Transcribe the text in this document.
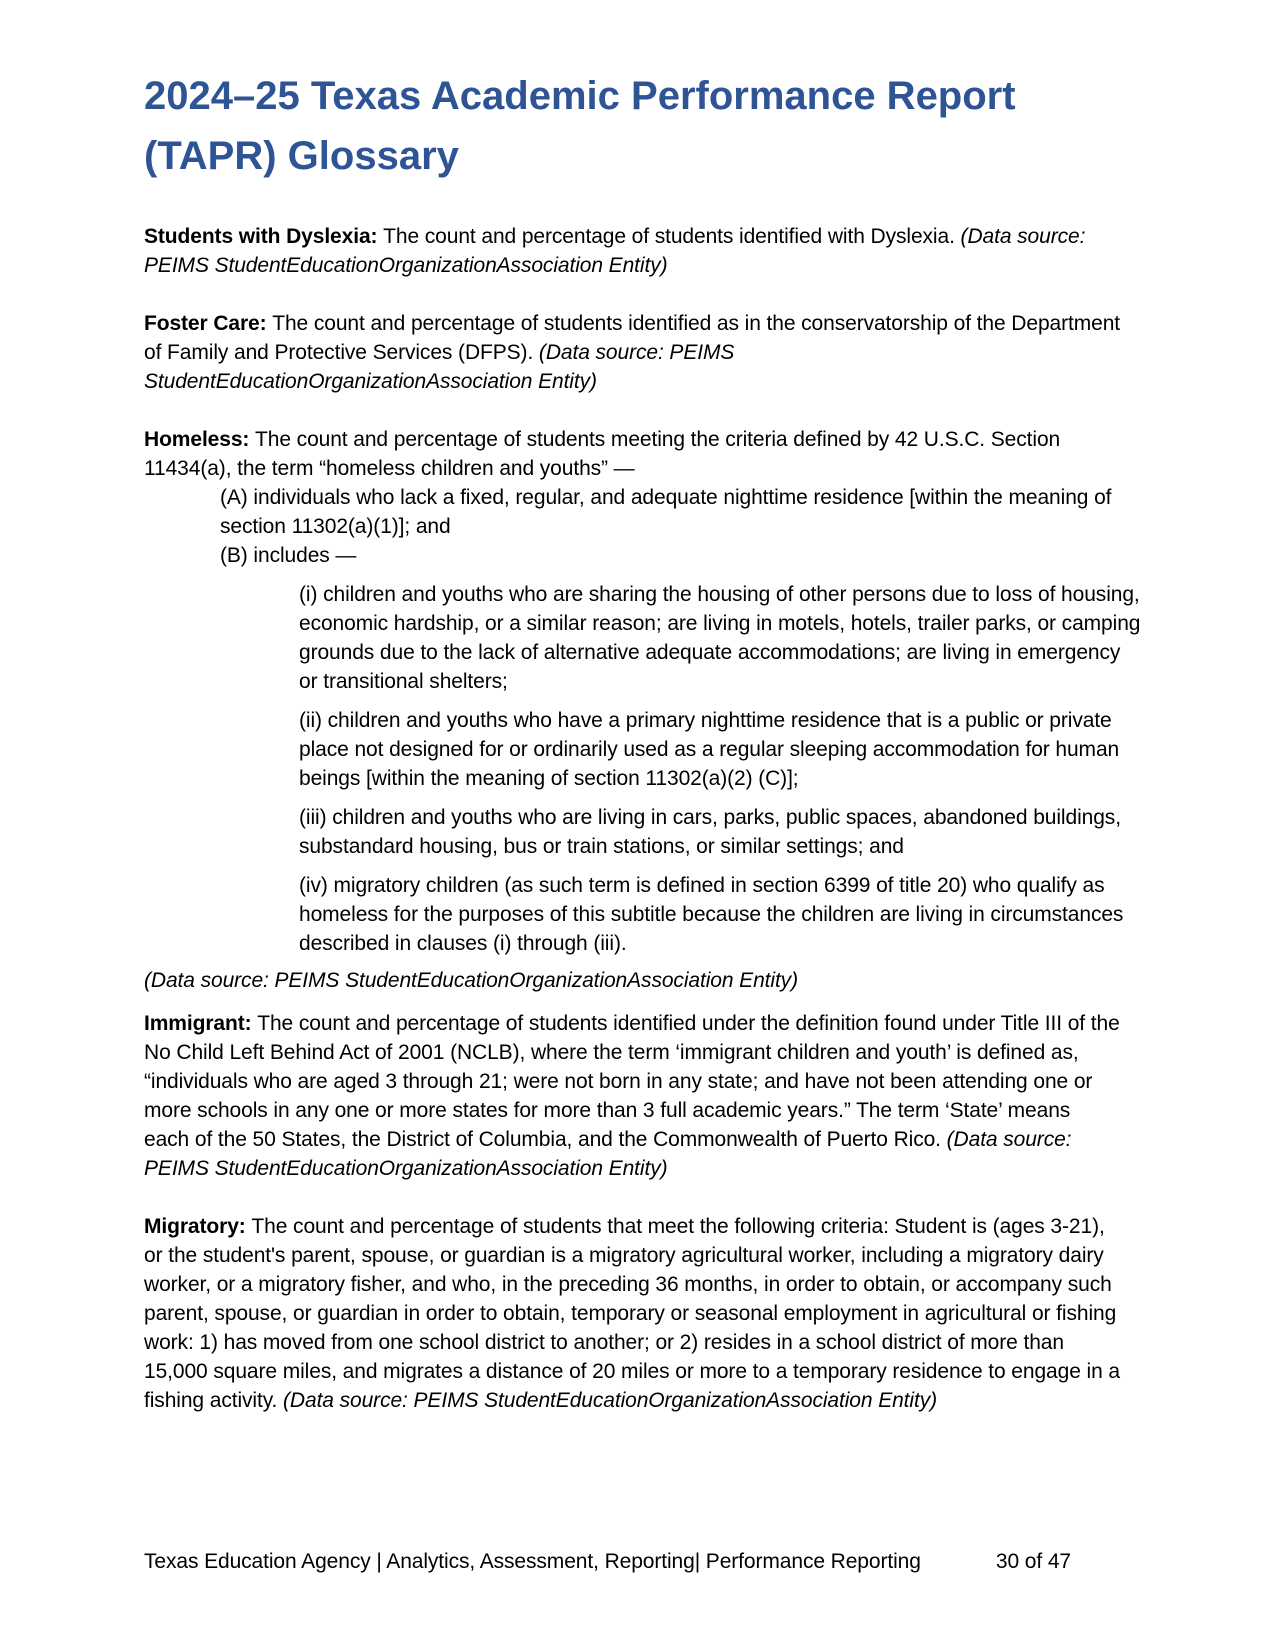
2024–25 Texas Academic Performance Report
(TAPR) Glossary

Students with Dyslexia: The count and percentage of students identified with Dyslexia. (Data source: PEIMS StudentEducationOrganizationAssociation Entity)

Foster Care: The count and percentage of students identified as in the conservatorship of the Department of Family and Protective Services (DFPS). (Data source: PEIMS StudentEducationOrganizationAssociation Entity)

Homeless: The count and percentage of students meeting the criteria defined by 42 U.S.C. Section 11434(a), the term “homeless children and youths” —

(A) individuals who lack a fixed, regular, and adequate nighttime residence [within the meaning of section 11302(a)(1)]; and

(B) includes —

(i) children and youths who are sharing the housing of other persons due to loss of housing, economic hardship, or a similar reason; are living in motels, hotels, trailer parks, or camping grounds due to the lack of alternative adequate accommodations; are living in emergency or transitional shelters;

(ii) children and youths who have a primary nighttime residence that is a public or private place not designed for or ordinarily used as a regular sleeping accommodation for human beings [within the meaning of section 11302(a)(2) (C)];

(iii) children and youths who are living in cars, parks, public spaces, abandoned buildings, substandard housing, bus or train stations, or similar settings; and

(iv) migratory children (as such term is defined in section 6399 of title 20) who qualify as homeless for the purposes of this subtitle because the children are living in circumstances described in clauses (i) through (iii).

(Data source: PEIMS StudentEducationOrganizationAssociation Entity)

Immigrant: The count and percentage of students identified under the definition found under Title III of the No Child Left Behind Act of 2001 (NCLB), where the term ‘immigrant children and youth’ is defined as, “individuals who are aged 3 through 21; were not born in any state; and have not been attending one or more schools in any one or more states for more than 3 full academic years.” The term ‘State’ means each of the 50 States, the District of Columbia, and the Commonwealth of Puerto Rico. (Data source: PEIMS StudentEducationOrganizationAssociation Entity)

Migratory: The count and percentage of students that meet the following criteria: Student is (ages 3-21), or the student's parent, spouse, or guardian is a migratory agricultural worker, including a migratory dairy worker, or a migratory fisher, and who, in the preceding 36 months, in order to obtain, or accompany such parent, spouse, or guardian in order to obtain, temporary or seasonal employment in agricultural or fishing work: 1) has moved from one school district to another; or 2) resides in a school district of more than 15,000 square miles, and migrates a distance of 20 miles or more to a temporary residence to engage in a fishing activity. (Data source: PEIMS StudentEducationOrganizationAssociation Entity)

Texas Education Agency | Analytics, Assessment, Reporting| Performance Reporting	30 of 47
